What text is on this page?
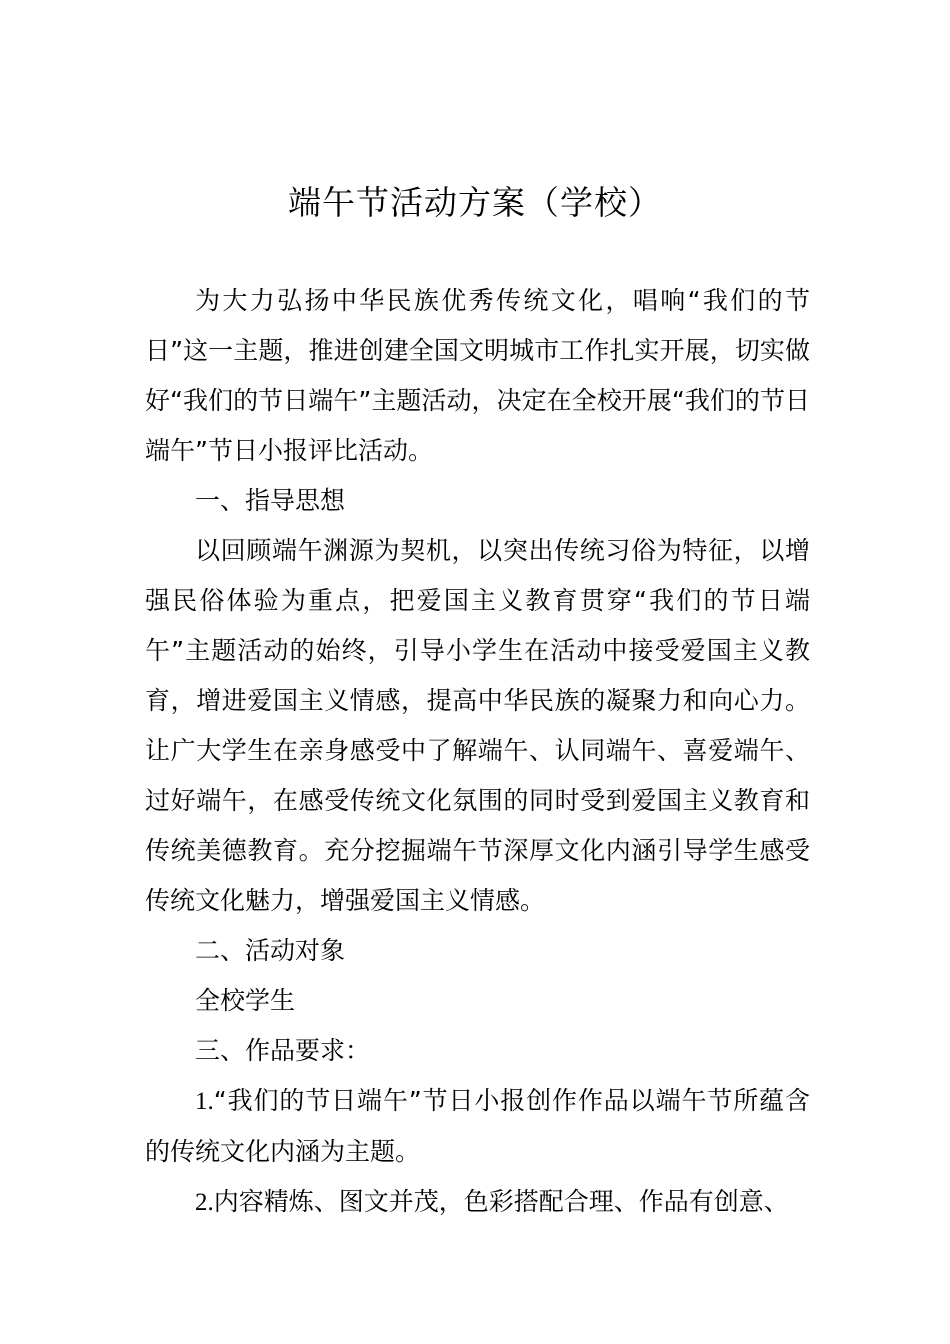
端午节活动方案（学校）

为大力弘扬中华民族优秀传统文化，唱响“我们的节日”这一主题，推进创建全国文明城市工作扎实开展，切实做好“我们的节日端午”主题活动，决定在全校开展“我们的节日端午”节日小报评比活动。

一、指导思想

以回顾端午渊源为契机，以突出传统习俗为特征，以增强民俗体验为重点，把爱国主义教育贯穿“我们的节日端午”主题活动的始终，引导小学生在活动中接受爱国主义教育，增进爱国主义情感，提高中华民族的凝聚力和向心力。让广大学生在亲身感受中了解端午、认同端午、喜爱端午、过好端午，在感受传统文化氛围的同时受到爱国主义教育和传统美德教育。充分挖掘端午节深厚文化内涵引导学生感受传统文化魅力，增强爱国主义情感。

二、活动对象

全校学生

三、作品要求：

1.“我们的节日端午”节日小报创作作品以端午节所蕴含的传统文化内涵为主题。

2.内容精炼、图文并茂，色彩搭配合理、作品有创意、
